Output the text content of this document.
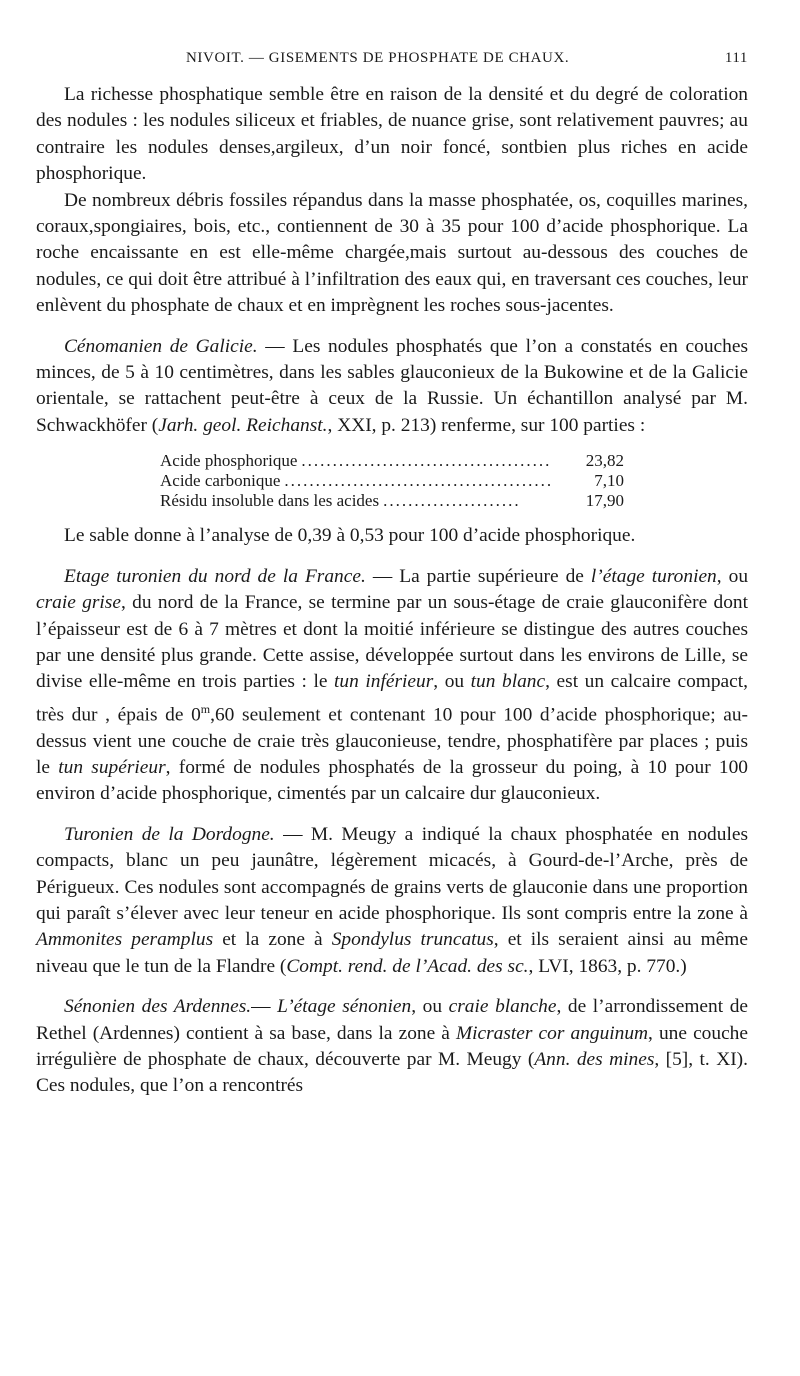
NIVOIT. — GISEMENTS DE PHOSPHATE DE CHAUX.	111

La richesse phosphatique semble être en raison de la densité et du degré de coloration des nodules : les nodules siliceux et friables, de nuance grise, sont relativement pauvres; au contraire les nodules denses,argileux, d’un noir foncé, sontbien plus riches en acide phosphorique.

De nombreux débris fossiles répandus dans la masse phosphatée, os, coquilles marines, coraux,spongiaires, bois, etc., contiennent de 30 à 35 pour 100 d’acide phosphorique. La roche encaissante en est elle-même chargée,mais surtout au-dessous des couches de nodules, ce qui doit être attribué à l’infiltration des eaux qui, en traversant ces couches, leur enlèvent du phosphate de chaux et en imprègnent les roches sous-jacentes.

Cénomanien de Galicie. — Les nodules phosphatés que l’on a constatés en couches minces, de 5 à 10 centimètres, dans les sables glauconieux de la Bukowine et de la Galicie orientale, se rattachent peut-être à ceux de la Russie. Un échantillon analysé par M. Schwackhöfer (Jarh. geol. Reichanst., XXI, p. 213) renferme, sur 100 parties :

Acide phosphorique ........................................	23,82
Acide carbonique ...........................................	7,10
Résidu insoluble dans les acides ......................	17,90

Le sable donne à l’analyse de 0,39 à 0,53 pour 100 d’acide phosphorique.

Etage turonien du nord de la France. — La partie supérieure de l’étage turonien, ou craie grise, du nord de la France, se termine par un sous-étage de craie glauconifère dont l’épaisseur est de 6 à 7 mètres et dont la moitié inférieure se distingue des autres couches par une densité plus grande. Cette assise, développée surtout dans les environs de Lille, se divise elle-même en trois parties : le tun inférieur, ou tun blanc, est un calcaire compact, très dur , épais de 0$^m$,60 seulement et contenant 10 pour 100 d’acide phosphorique; au-dessus vient une couche de craie très glauconieuse, tendre, phosphatifère par places ; puis le tun supérieur, formé de nodules phosphatés de la grosseur du poing, à 10 pour 100 environ d’acide phosphorique, cimentés par un calcaire dur glauconieux.

Turonien de la Dordogne. — M. Meugy a indiqué la chaux phosphatée en nodules compacts, blanc un peu jaunâtre, légèrement micacés, à Gourd-de-l’Arche, près de Périgueux. Ces nodules sont accompagnés de grains verts de glauconie dans une proportion qui paraît s’élever avec leur teneur en acide phosphorique. Ils sont compris entre la zone à Ammonites peramplus et la zone à Spondylus truncatus, et ils seraient ainsi au même niveau que le tun de la Flandre (Compt. rend. de l’Acad. des sc., LVI, 1863, p. 770.)

Sénonien des Ardennes.— L’étage sénonien, ou craie blanche, de l’arrondissement de Rethel (Ardennes) contient à sa base, dans la zone à Micraster cor anguinum, une couche irrégulière de phosphate de chaux, découverte par M. Meugy (Ann. des mines, [5], t. XI). Ces nodules, que l’on a rencontrés
